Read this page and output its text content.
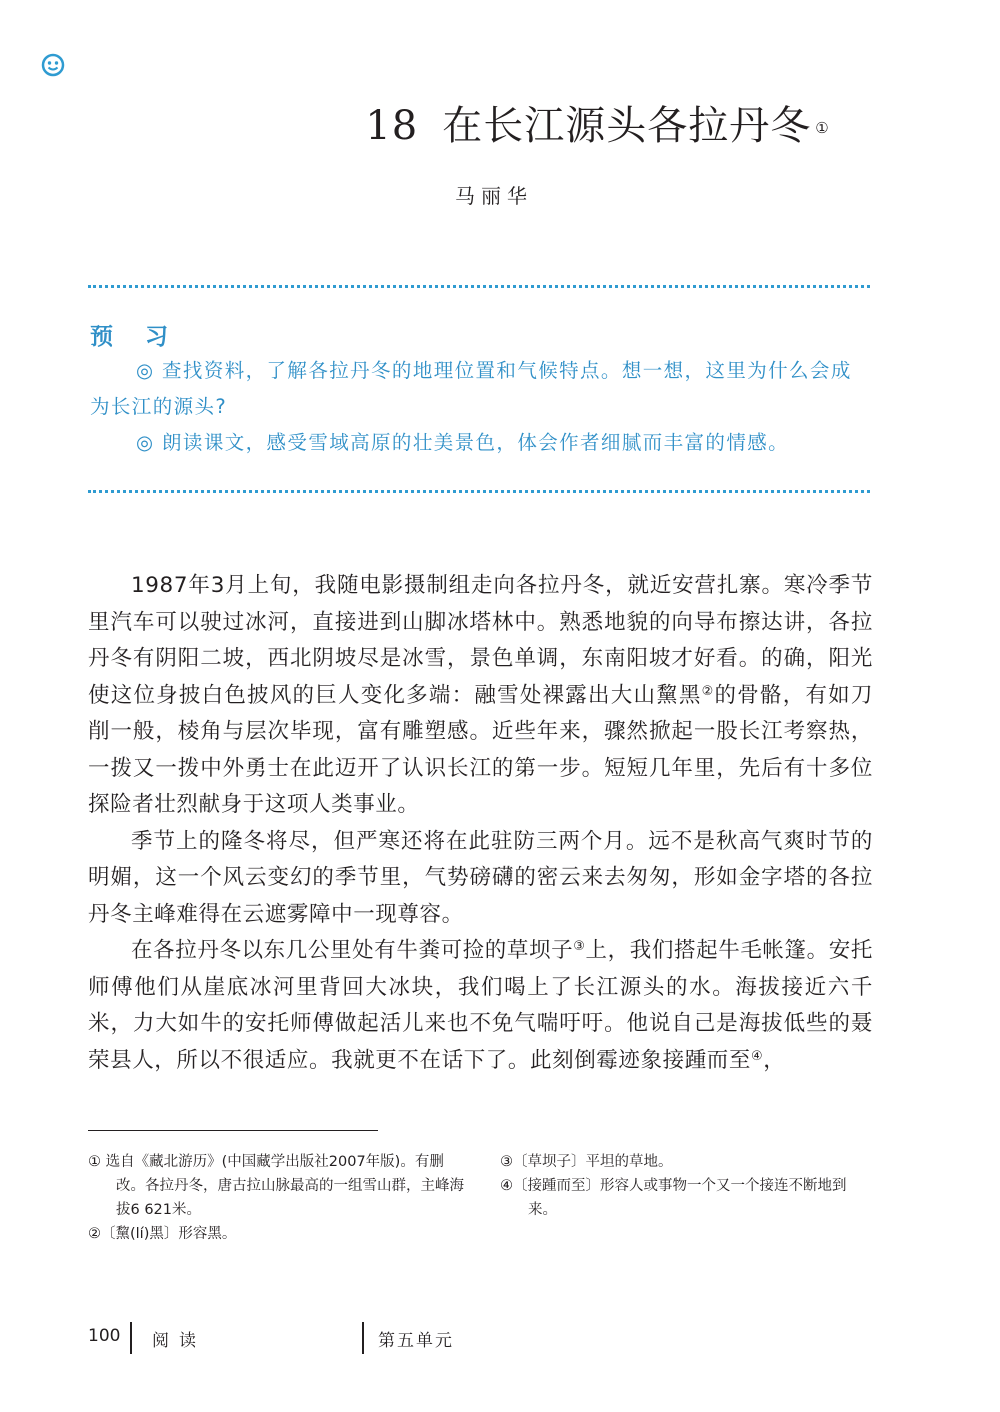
18 在长江源头各拉丹冬 ①
马丽华
预 习
◎ 查找资料，了解各拉丹冬的地理位置和气候特点。想一想，这里为什么会成为长江的源头?
◎ 朗读课文，感受雪域高原的壮美景色，体会作者细腻而丰富的情感。

1987年3月上旬，我随电影摄制组走向各拉丹冬，就近安营扎寨。寒冷季节里汽车可以驶过冰河，直接进到山脚冰塔林中。熟悉地貌的向导布擦达讲，各拉丹冬有阴阳二坡，西北阴坡尽是冰雪，景色单调，东南阳坡才好看。的确，阳光使这位身披白色披风的巨人变化多端：融雪处裸露出大山黧黑②的骨骼，有如刀削一般，棱角与层次毕现，富有雕塑感。近些年来，骤然掀起一股长江考察热，一拨又一拨中外勇士在此迈开了认识长江的第一步。短短几年里，先后有十多位探险者壮烈献身于这项人类事业。

季节上的隆冬将尽，但严寒还将在此驻防三两个月。远不是秋高气爽时节的明媚，这一个风云变幻的季节里，气势磅礴的密云来去匆匆，形如金字塔的各拉丹冬主峰难得在云遮雾障中一现尊容。

在各拉丹冬以东几公里处有牛粪可捡的草坝子③上，我们搭起牛毛帐篷。安托师傅他们从崖底冰河里背回大冰块，我们喝上了长江源头的水。海拔接近六千米，力大如牛的安托师傅做起活儿来也不免气喘吁吁。他说自己是海拔低些的聂荣县人，所以不很适应。我就更不在话下了。此刻倒霉迹象接踵而至④，

① 选自《藏北游历》(中国藏学出版社2007年版)。有删改。各拉丹冬，唐古拉山脉最高的一组雪山群，主峰海拔6 621米。

②〔黧(lí)黑〕形容黑。

③〔草坝子〕平坦的草地。

④〔接踵而至〕形容人或事物一个又一个接连不断地到来。

100 阅读	第五单元
